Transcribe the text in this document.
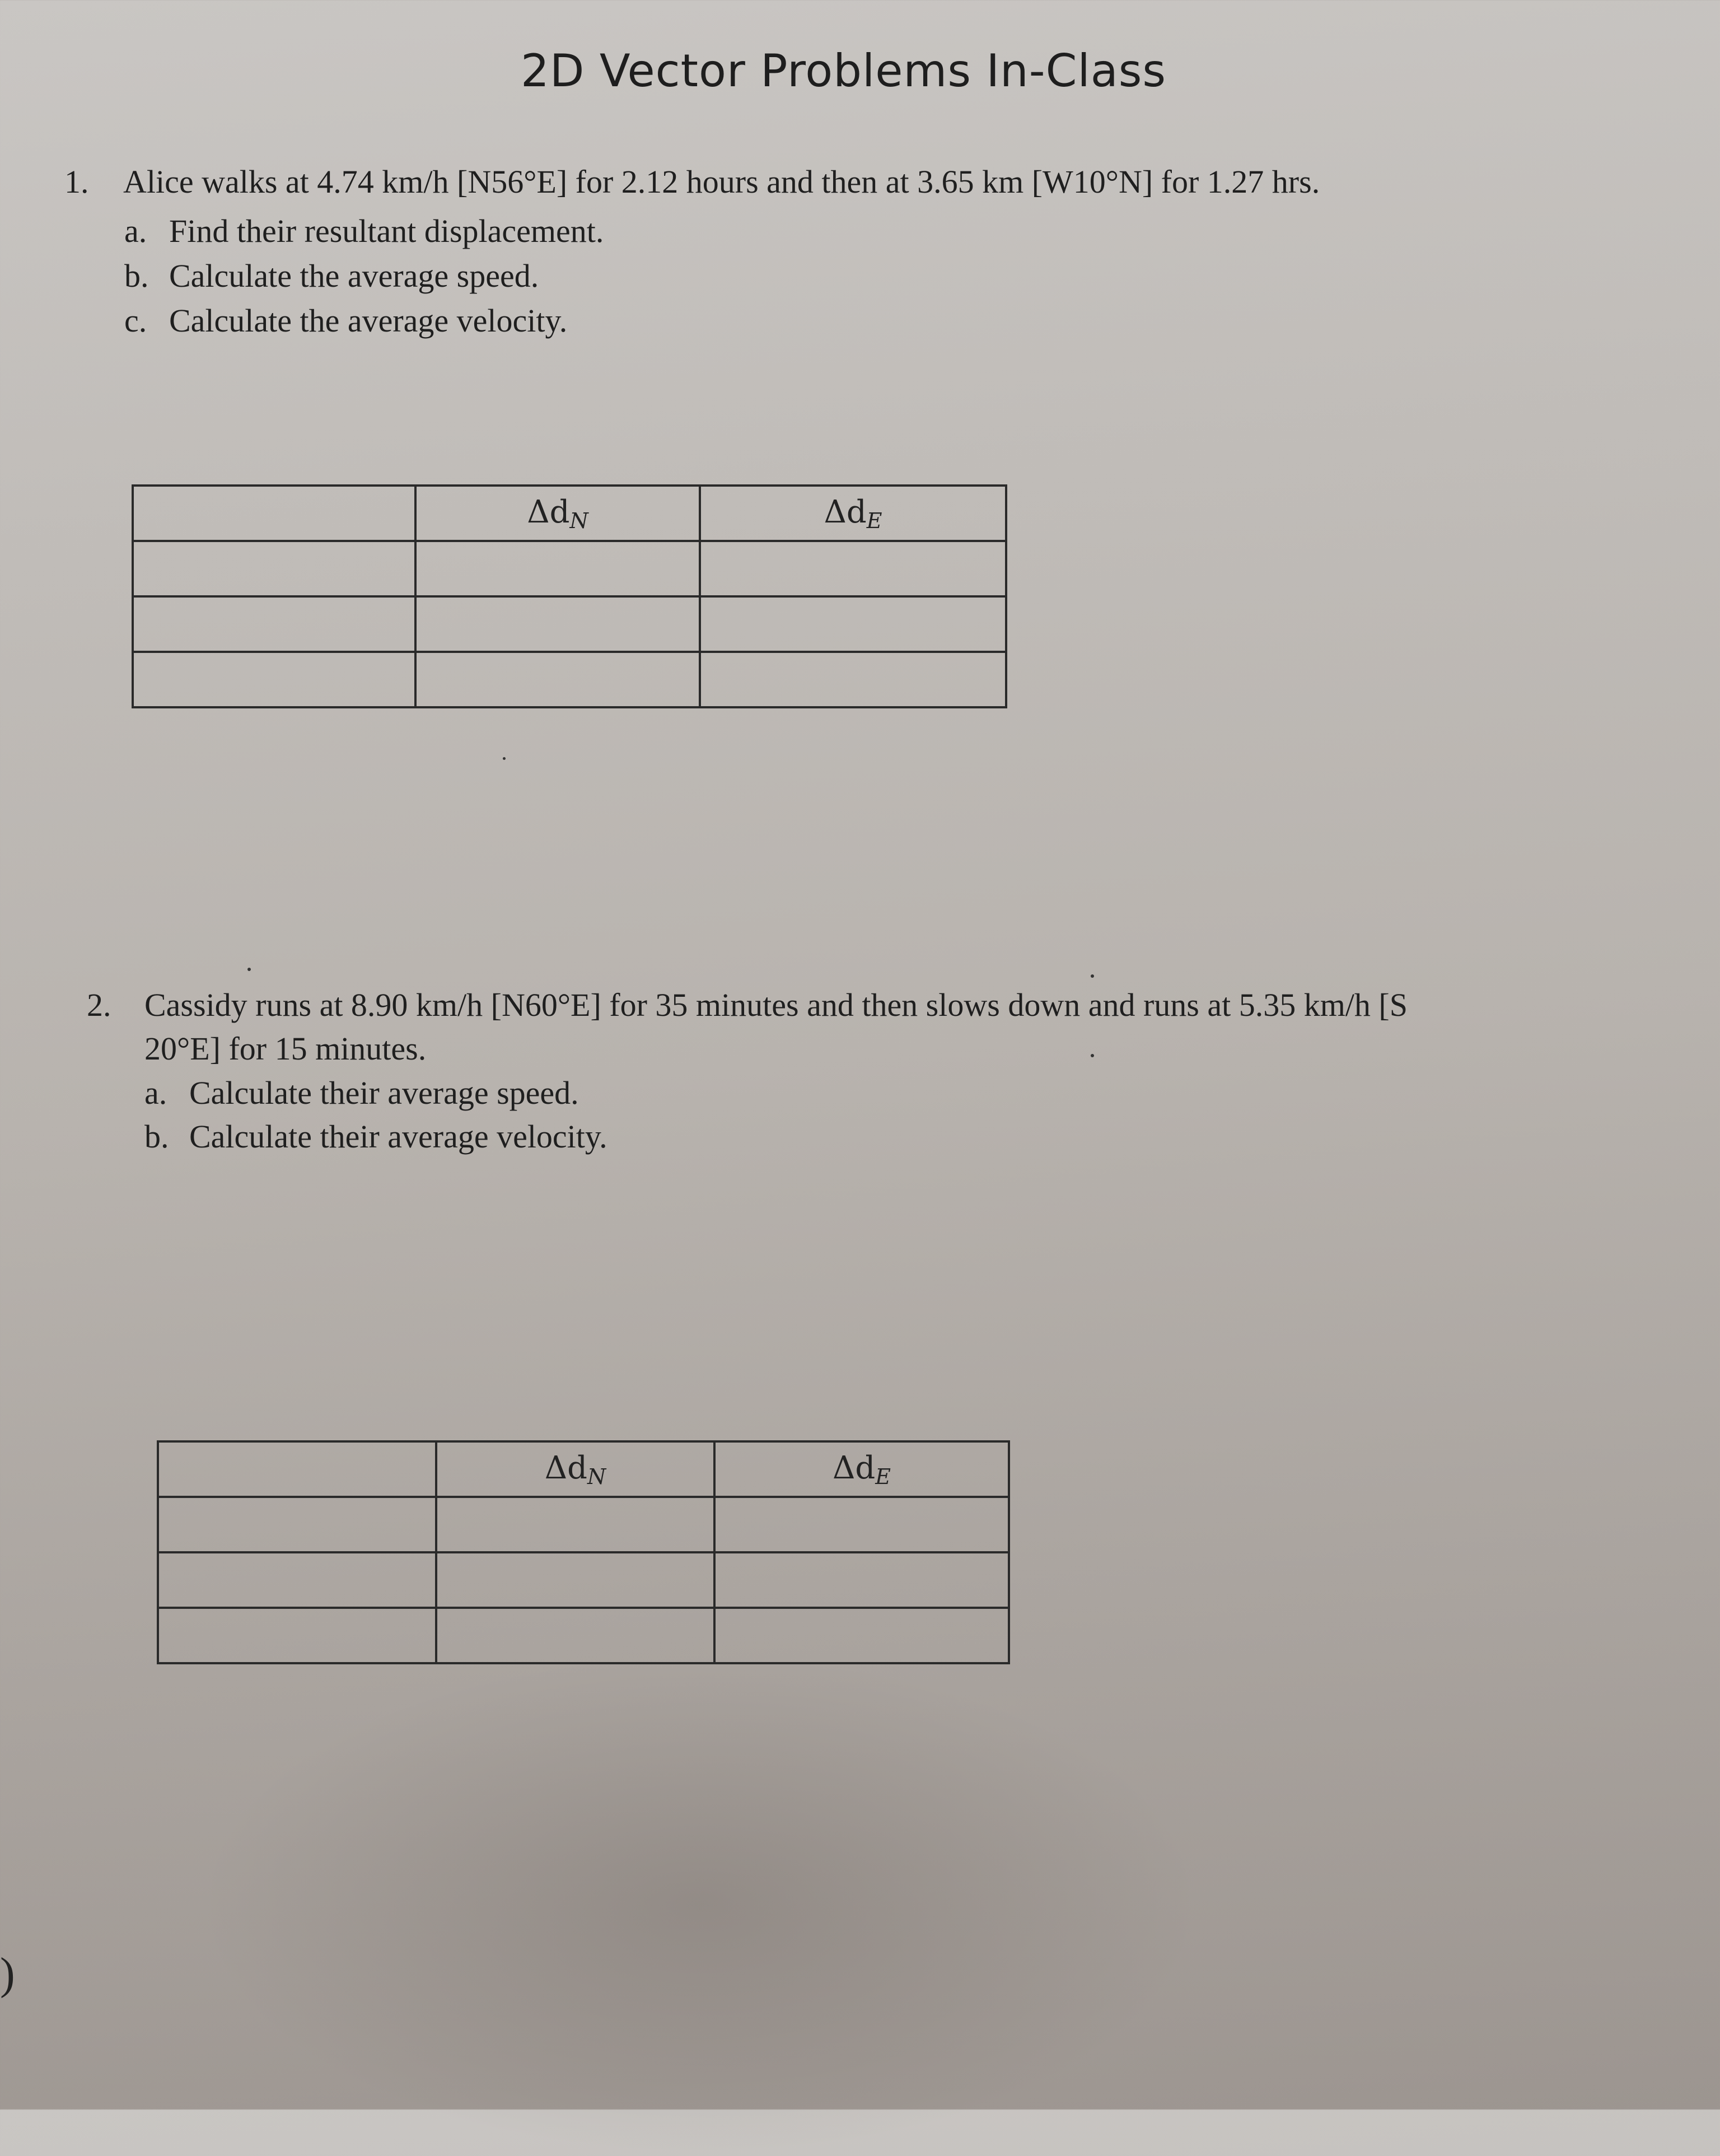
2D Vector Problems In-Class
1. Alice walks at 4.74 km/h [N56°E] for 2.12 hours and then at 3.65 km [W10°N] for 1.27 hrs.
a. Find their resultant displacement.
b. Calculate the average speed.
c. Calculate the average velocity.
	$\Delta d_N$	$\Delta d_E$

2. Cassidy runs at 8.90 km/h [N60°E] for 35 minutes and then slows down and runs at 5.35 km/h [S
20°E] for 15 minutes.
a. Calculate their average speed.
b. Calculate their average velocity.
	$\Delta d_N$	$\Delta d_E$

)
